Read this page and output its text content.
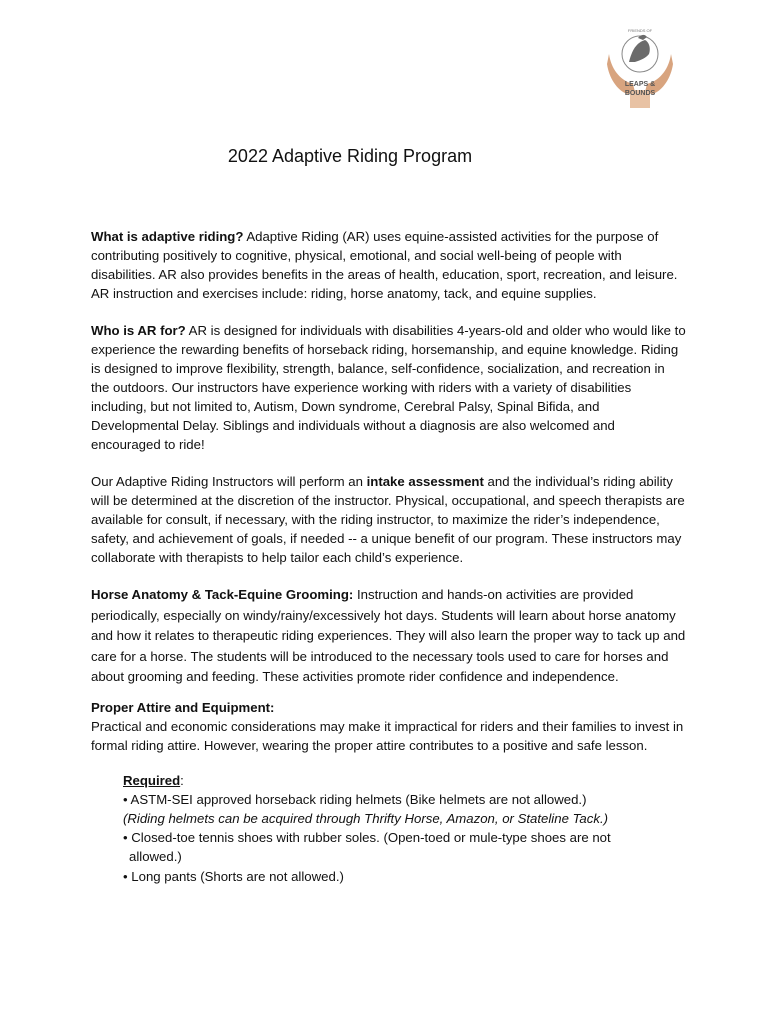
FRIENDS OF
LEAPS &
BOUNDS
2022 Adaptive Riding Program

What is adaptive riding? Adaptive Riding (AR) uses equine-assisted activities for the purpose of contributing positively to cognitive, physical, emotional, and social well-being of people with disabilities. AR also provides benefits in the areas of health, education, sport, recreation, and leisure. AR instruction and exercises include: riding, horse anatomy, tack, and equine supplies.

Who is AR for? AR is designed for individuals with disabilities 4-years-old and older who would like to experience the rewarding benefits of horseback riding, horsemanship, and equine knowledge. Riding is designed to improve flexibility, strength, balance, self-confidence, socialization, and recreation in the outdoors. Our instructors have experience working with riders with a variety of disabilities including, but not limited to, Autism, Down syndrome, Cerebral Palsy, Spinal Bifida, and Developmental Delay. Siblings and individuals without a diagnosis are also welcomed and encouraged to ride!

Our Adaptive Riding Instructors will perform an intake assessment and the individual’s riding ability will be determined at the discretion of the instructor. Physical, occupational, and speech therapists are available for consult, if necessary, with the riding instructor, to maximize the rider’s independence, safety, and achievement of goals, if needed -- a unique benefit of our program. These instructors may collaborate with therapists to help tailor each child’s experience.

Horse Anatomy & Tack-Equine Grooming: Instruction and hands-on activities are provided periodically, especially on windy/rainy/excessively hot days. Students will learn about horse anatomy and how it relates to therapeutic riding experiences. They will also learn the proper way to tack up and care for a horse. The students will be introduced to the necessary tools used to care for horses and about grooming and feeding. These activities promote rider confidence and independence.

Proper Attire and Equipment:
Practical and economic considerations may make it impractical for riders and their families to invest in formal riding attire. However, wearing the proper attire contributes to a positive and safe lesson.

Required:
• ASTM-SEI approved horseback riding helmets (Bike helmets are not allowed.)
(Riding helmets can be acquired through Thrifty Horse, Amazon, or Stateline Tack.)
• Closed-toe tennis shoes with rubber soles. (Open-toed or mule-type shoes are not
allowed.)
• Long pants (Shorts are not allowed.)
